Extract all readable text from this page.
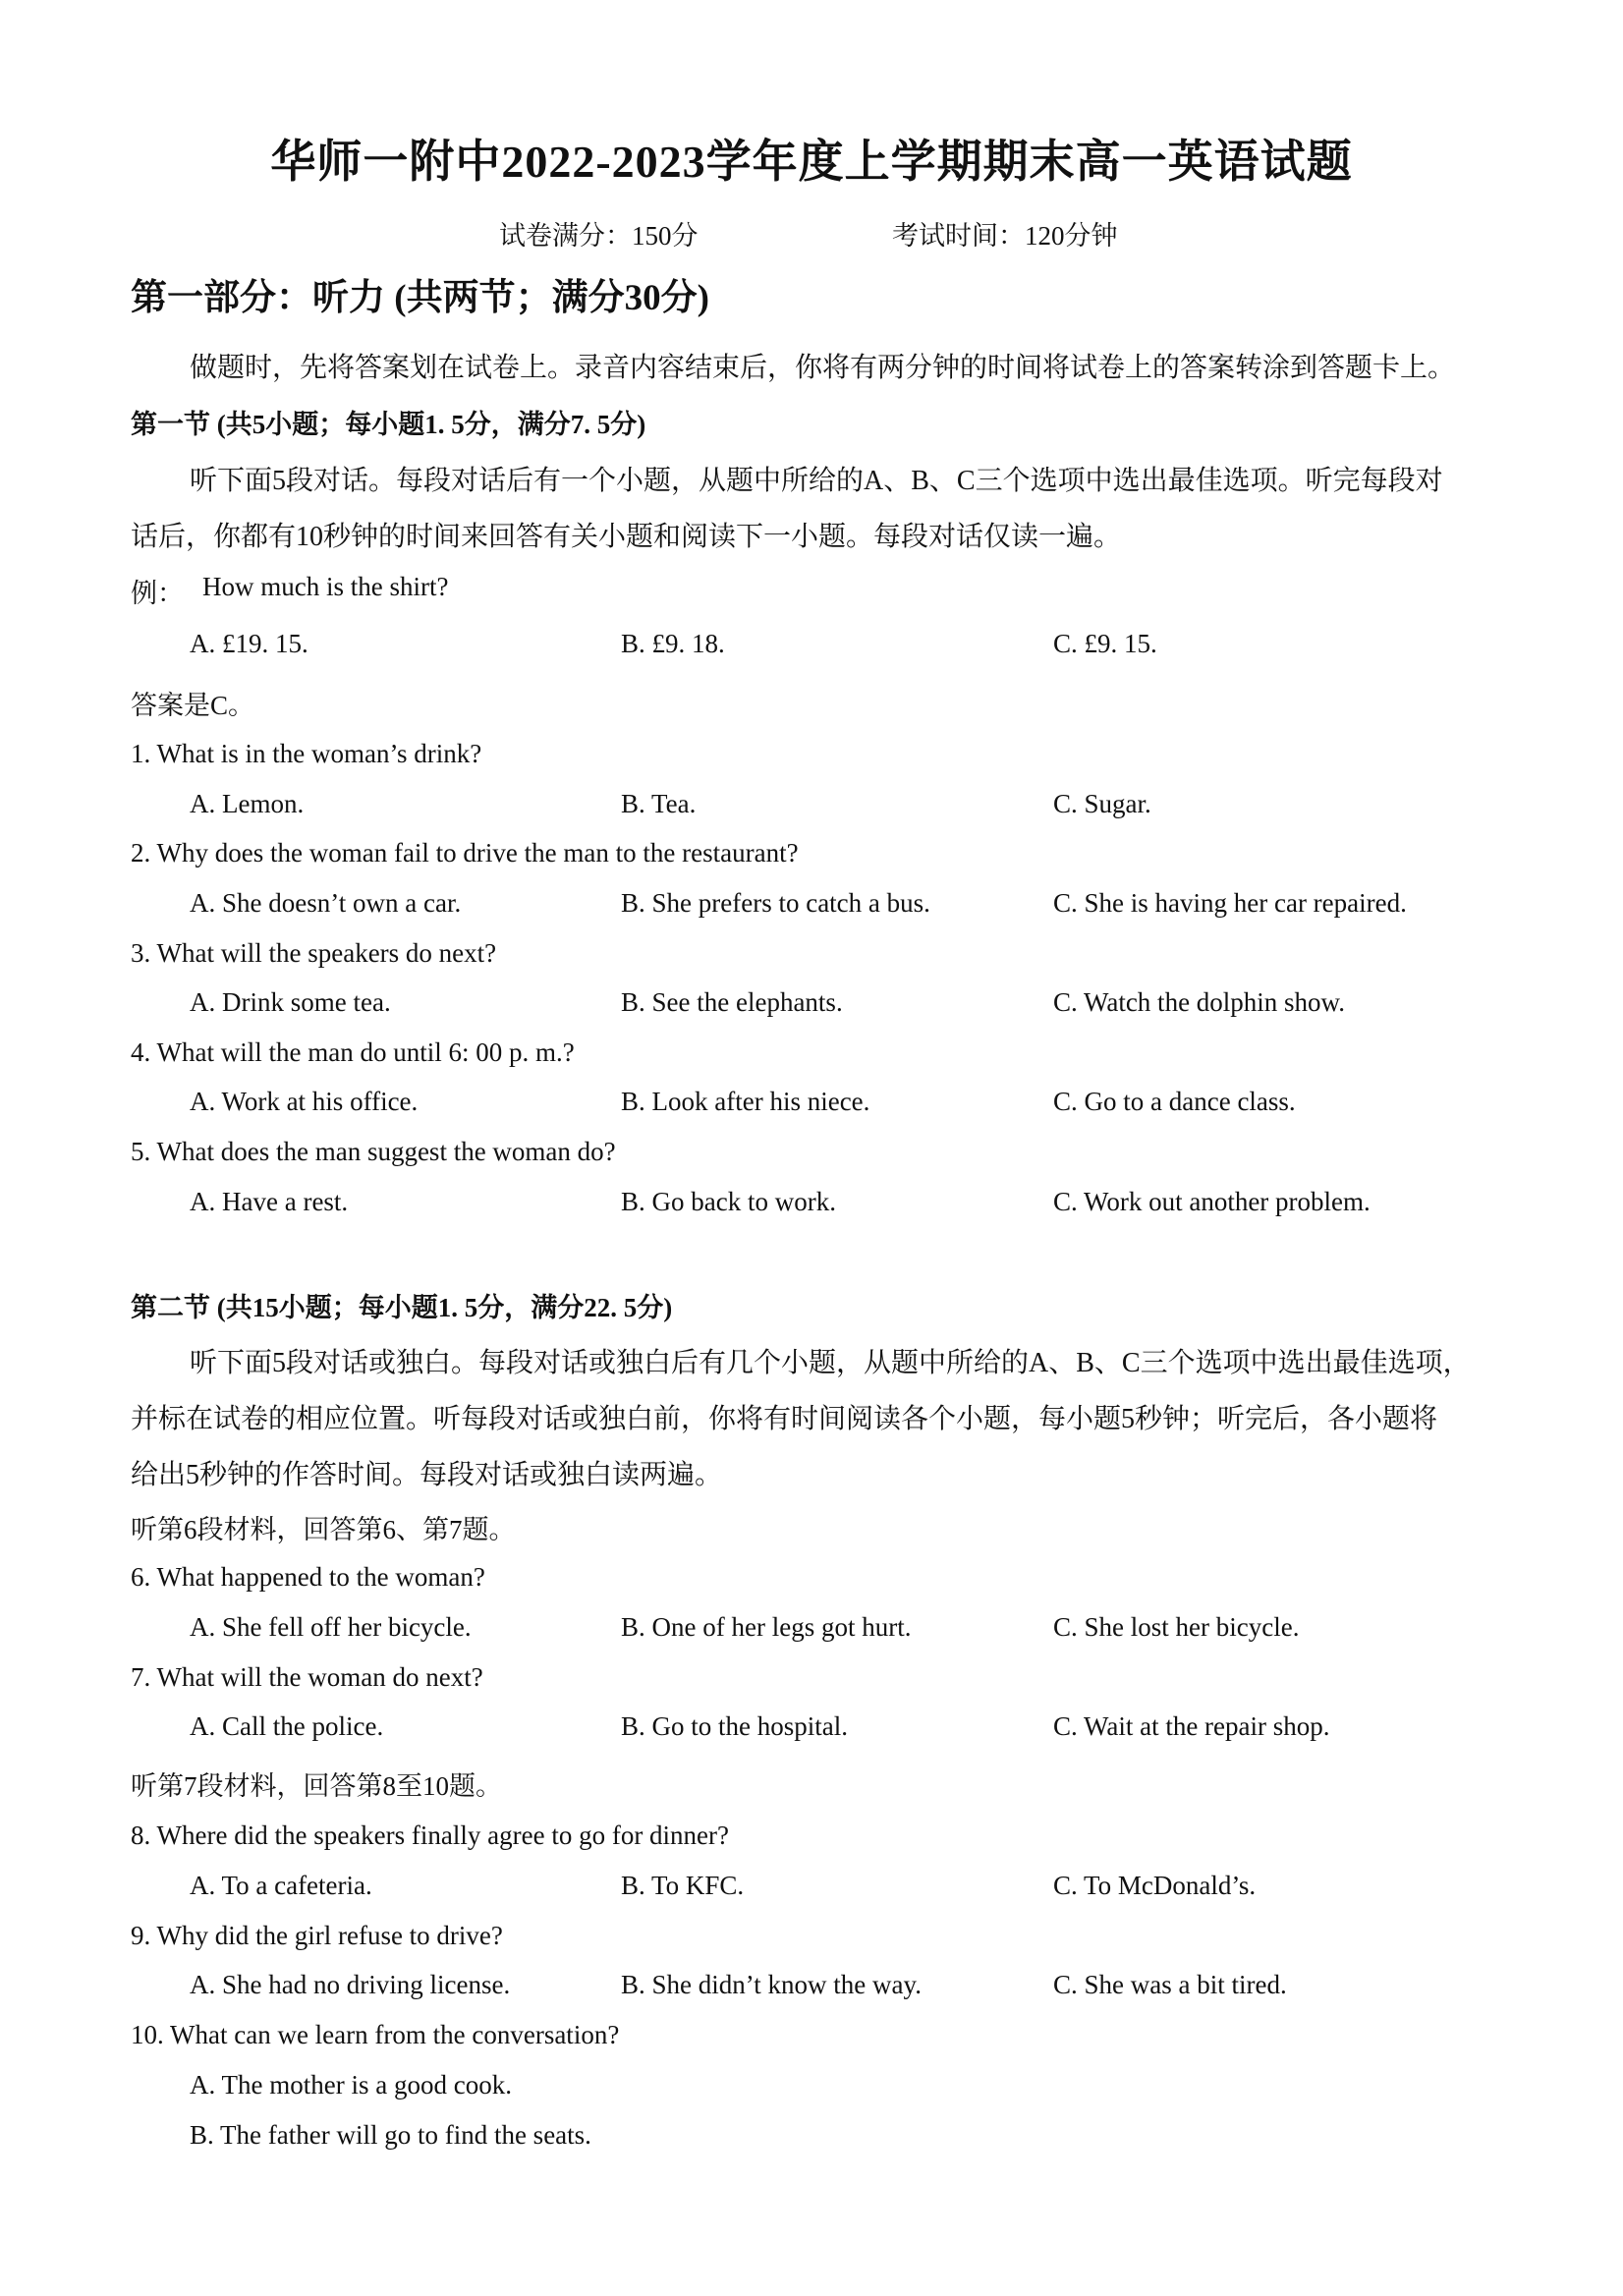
华师一附中2022-2023学年度上学期期末高一英语试题
试卷满分：150分	考试时间：120分钟
第一部分：听力 (共两节；满分30分)
做题时，先将答案划在试卷上。录音内容结束后，你将有两分钟的时间将试卷上的答案转涂到答题卡上。
第一节 (共5小题；每小题1. 5分，满分7. 5分)
听下面5段对话。每段对话后有一个小题，从题中所给的A、B、C三个选项中选出最佳选项。听完每段对
话后，你都有10秒钟的时间来回答有关小题和阅读下一小题。每段对话仅读一遍。
例： How much is the shirt?
A. £19. 15.	B. £9. 18.	C. £9. 15.
答案是C。
1. What is in the woman’s drink?
A. Lemon.	B. Tea.	C. Sugar.
2. Why does the woman fail to drive the man to the restaurant?
A. She doesn’t own a car.	B. She prefers to catch a bus.	C. She is having her car repaired.
3. What will the speakers do next?
A. Drink some tea.	B. See the elephants.	C. Watch the dolphin show.
4. What will the man do until 6: 00 p. m.?
A. Work at his office.	B. Look after his niece.	C. Go to a dance class.
5. What does the man suggest the woman do?
A. Have a rest.	B. Go back to work.	C. Work out another problem.
第二节 (共15小题；每小题1. 5分，满分22. 5分)
听下面5段对话或独白。每段对话或独白后有几个小题，从题中所给的A、B、C三个选项中选出最佳选项，
并标在试卷的相应位置。听每段对话或独白前，你将有时间阅读各个小题，每小题5秒钟；听完后，各小题将
给出5秒钟的作答时间。每段对话或独白读两遍。
听第6段材料，回答第6、第7题。
6. What happened to the woman?
A. She fell off her bicycle.	B. One of her legs got hurt.	C. She lost her bicycle.
7. What will the woman do next?
A. Call the police.	B. Go to the hospital.	C. Wait at the repair shop.
听第7段材料，回答第8至10题。
8. Where did the speakers finally agree to go for dinner?
A. To a cafeteria.	B. To KFC.	C. To McDonald’s.
9. Why did the girl refuse to drive?
A. She had no driving license.	B. She didn’t know the way.	C. She was a bit tired.
10. What can we learn from the conversation?
A. The mother is a good cook.
B. The father will go to find the seats.
